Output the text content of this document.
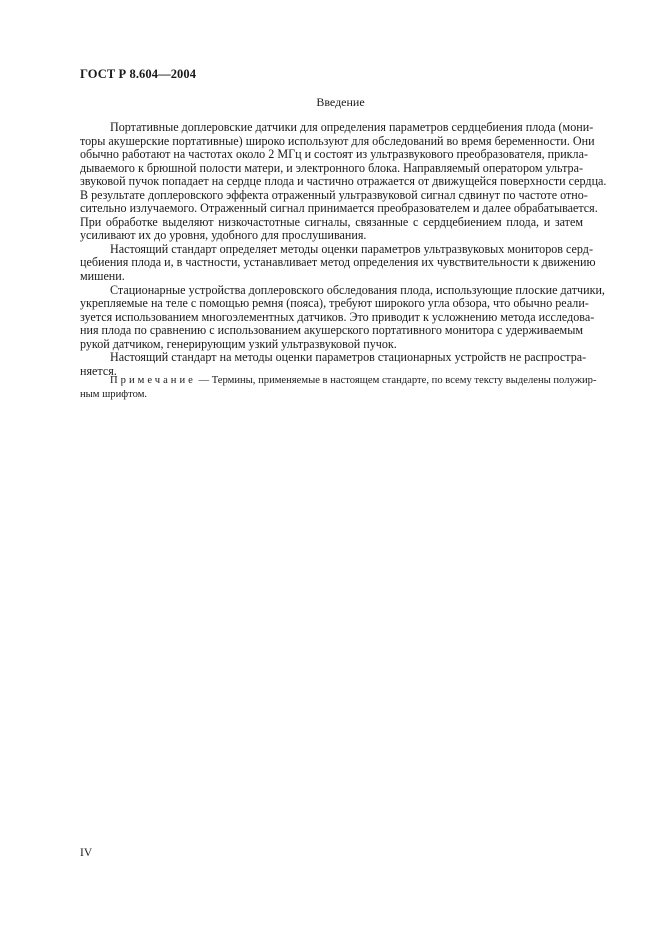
ГОСТ Р 8.604—2004
Введение
Портативные доплеровские датчики для определения параметров сердцебиения плода (мони-
торы акушерские портативные) широко используют для обследований во время беременности. Они
обычно работают на частотах около 2 МГц и состоят из ультразвукового преобразователя, прикла-
дываемого к брюшной полости матери, и электронного блока. Направляемый оператором ультра-
звуковой пучок попадает на сердце плода и частично отражается от движущейся поверхности сердца.
В результате доплеровского эффекта отраженный ультразвуковой сигнал сдвинут по частоте отно-
сительно излучаемого. Отраженный сигнал принимается преобразователем и далее обрабатывается.
При обработке выделяют низкочастотные сигналы, связанные с сердцебиением плода, и затем
усиливают их до уровня, удобного для прослушивания.
Настоящий стандарт определяет методы оценки параметров ультразвуковых мониторов серд-
цебиения плода и, в частности, устанавливает метод определения их чувствительности к движению
мишени.
Стационарные устройства доплеровского обследования плода, использующие плоские датчики,
укрепляемые на теле с помощью ремня (пояса), требуют широкого угла обзора, что обычно реали-
зуется использованием многоэлементных датчиков. Это приводит к усложнению метода исследова-
ния плода по сравнению с использованием акушерского портативного монитора с удерживаемым
рукой датчиком, генерирующим узкий ультразвуковой пучок.
Настоящий стандарт на методы оценки параметров стационарных устройств не распростра-
няется.
Примечание — Термины, применяемые в настоящем стандарте, по всему тексту выделены полужир-
ным шрифтом.
IV
